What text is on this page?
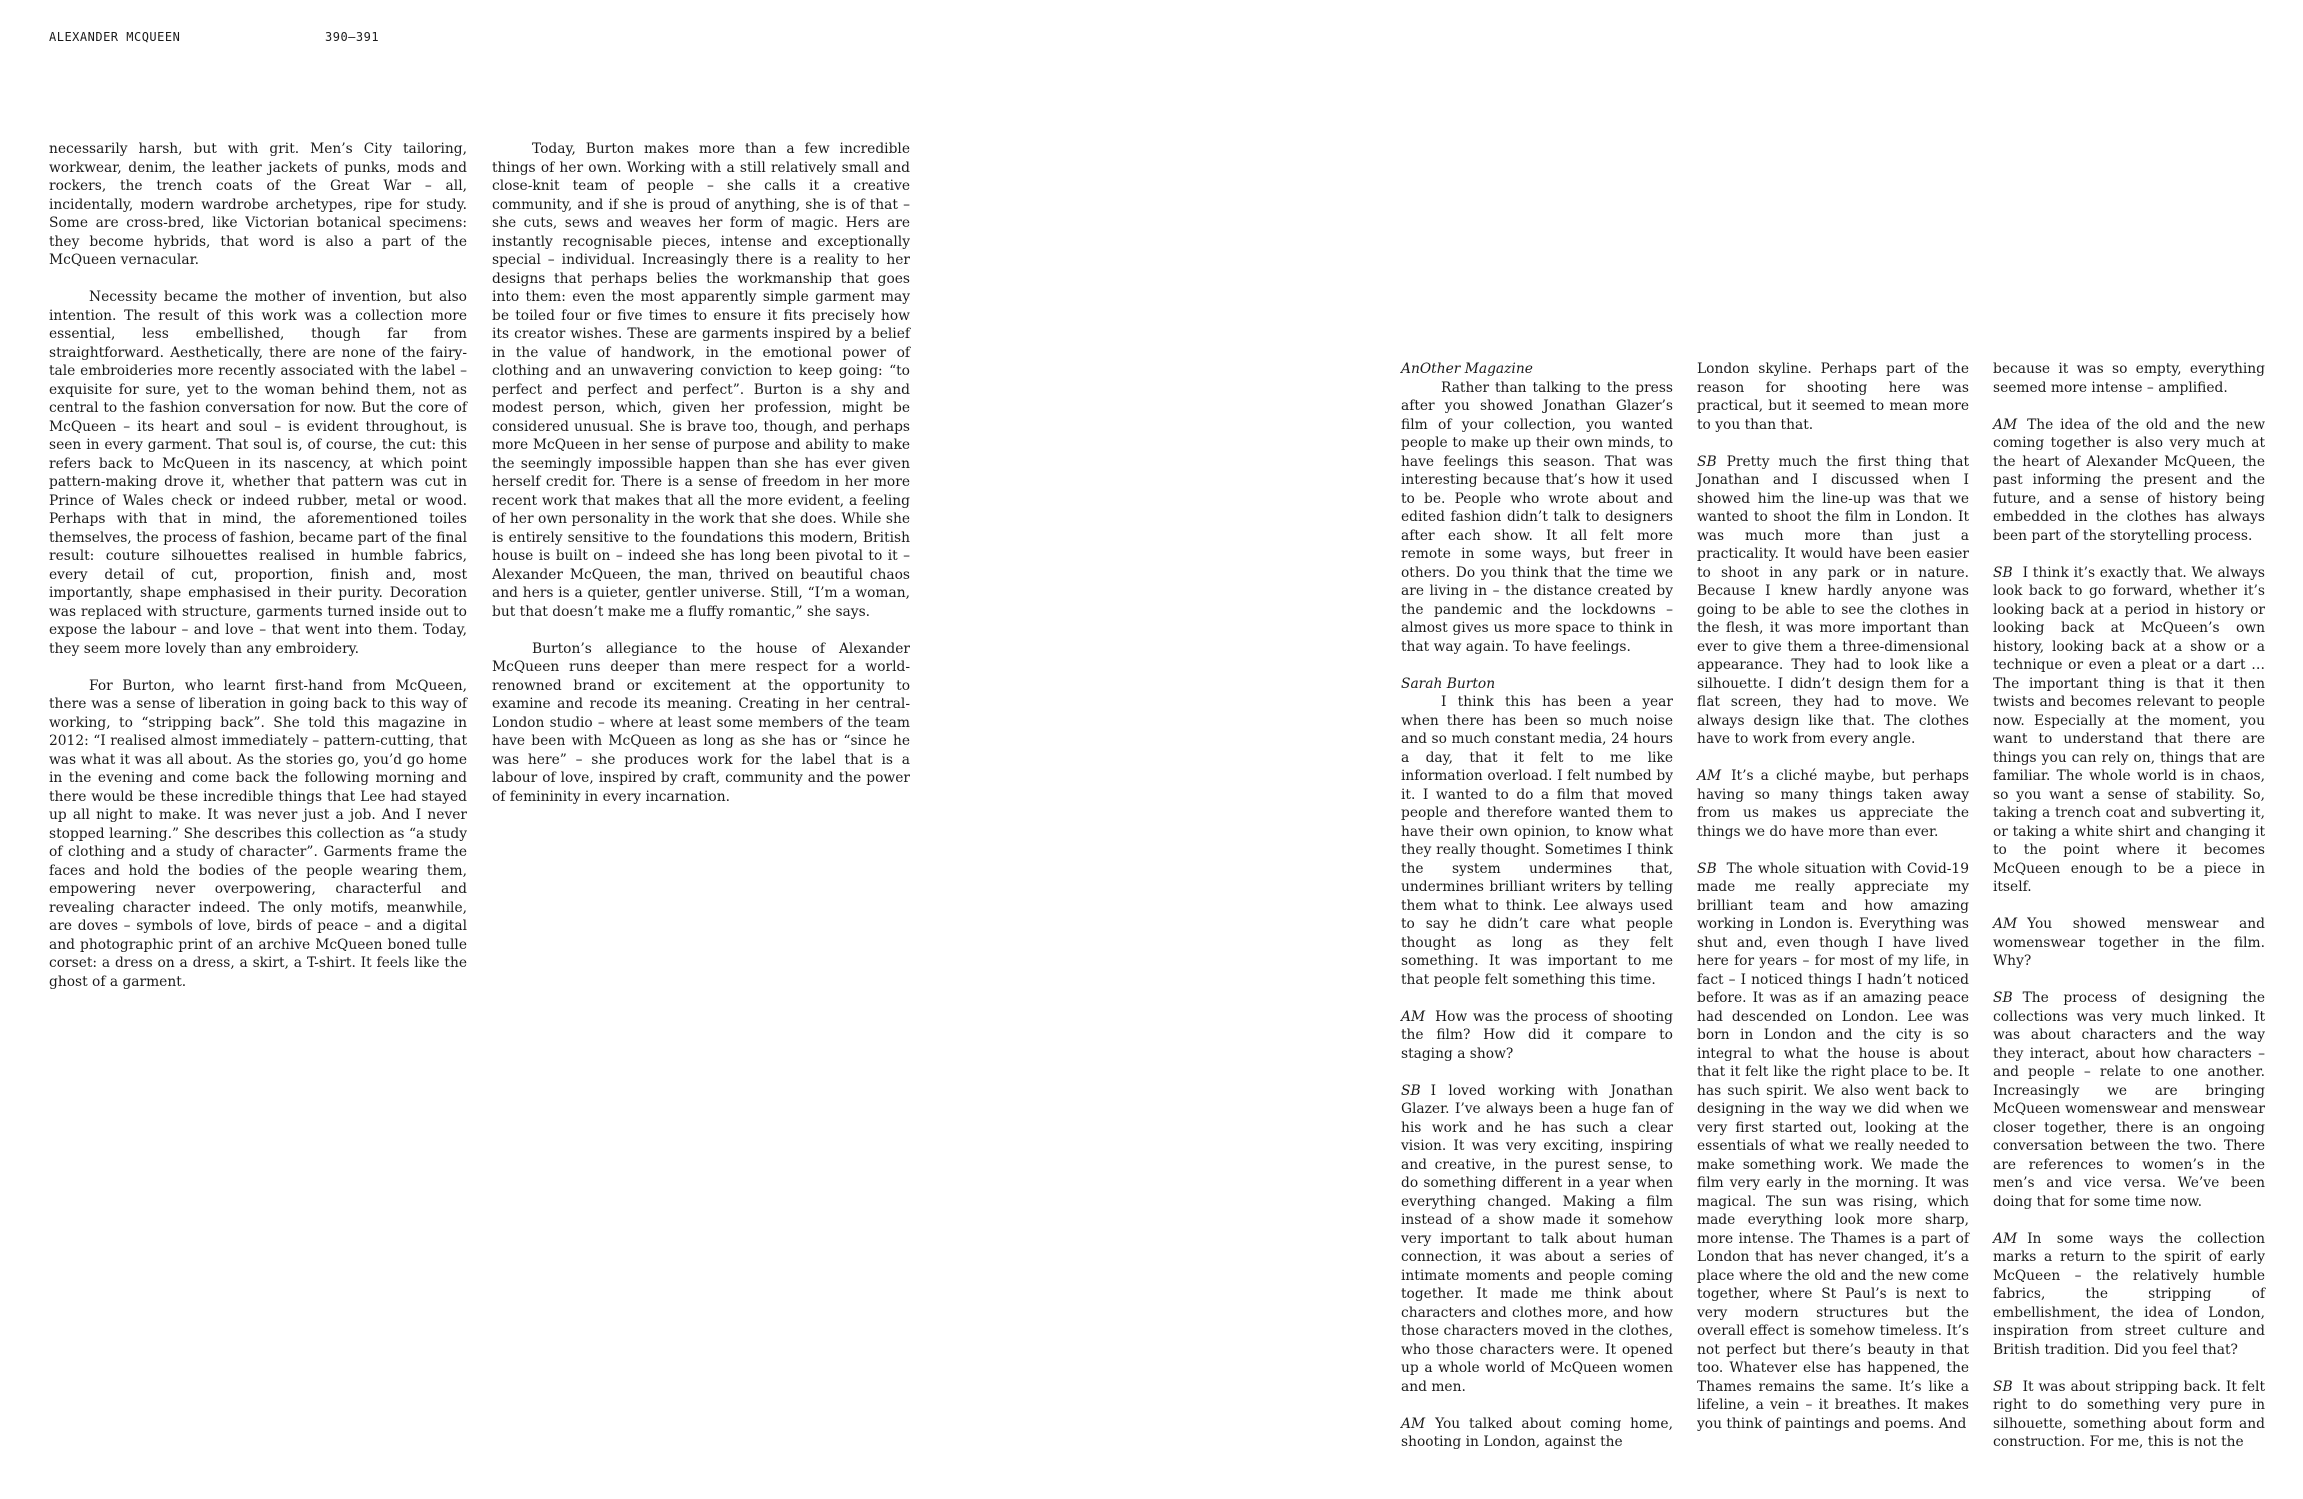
ALEXANDER MCQUEEN	390—391

necessarily harsh, but with grit. Men’s City tailoring, workwear, denim, the leather jackets of punks, mods and rockers, the trench coats of the Great War – all, incidentally, modern wardrobe archetypes, ripe for study. Some are cross-bred, like Victorian botanical specimens: they become hybrids, that word is also a part of the McQueen vernacular.

Necessity became the mother of invention, but also intention. The result of this work was a collection more essential, less embellished, though far from straightforward. Aesthetically, there are none of the fairy-tale embroideries more recently associated with the label – exquisite for sure, yet to the woman behind them, not as central to the fashion conversation for now. But the core of McQueen – its heart and soul – is evident throughout, is seen in every garment. That soul is, of course, the cut: this refers back to McQueen in its nascency, at which point pattern-making drove it, whether that pattern was cut in Prince of Wales check or indeed rubber, metal or wood. Perhaps with that in mind, the aforementioned toiles themselves, the process of fashion, became part of the final result: couture silhouettes realised in humble fabrics, every detail of cut, proportion, finish and, most importantly, shape emphasised in their purity. Decoration was replaced with structure, garments turned inside out to expose the labour – and love – that went into them. Today, they seem more lovely than any embroidery.

For Burton, who learnt first-hand from McQueen, there was a sense of liberation in going back to this way of working, to “stripping back”. She told this magazine in 2012: “I realised almost immediately – pattern-cutting, that was what it was all about. As the stories go, you’d go home in the evening and come back the following morning and there would be these incredible things that Lee had stayed up all night to make. It was never just a job. And I never stopped learning.” She describes this collection as “a study of clothing and a study of character”. Garments frame the faces and hold the bodies of the people wearing them, empowering never overpowering, characterful and revealing character indeed. The only motifs, meanwhile, are doves – symbols of love, birds of peace – and a digital and photographic print of an archive McQueen boned tulle corset: a dress on a dress, a skirt, a T-shirt. It feels like the ghost of a garment.

Today, Burton makes more than a few incredible things of her own. Working with a still relatively small and close-knit team of people – she calls it a creative community, and if she is proud of anything, she is of that – she cuts, sews and weaves her form of magic. Hers are instantly recognisable pieces, intense and exceptionally special – individual. Increasingly there is a reality to her designs that perhaps belies the workmanship that goes into them: even the most apparently simple garment may be toiled four or five times to ensure it fits precisely how its creator wishes. These are garments inspired by a belief in the value of handwork, in the emotional power of clothing and an unwavering conviction to keep going: “to perfect and perfect and perfect”. Burton is a shy and modest person, which, given her profession, might be considered unusual. She is brave too, though, and perhaps more McQueen in her sense of purpose and ability to make the seemingly impossible happen than she has ever given herself credit for. There is a sense of freedom in her more recent work that makes that all the more evident, a feeling of her own personality in the work that she does. While she is entirely sensitive to the foundations this modern, British house is built on – indeed she has long been pivotal to it – Alexander McQueen, the man, thrived on beautiful chaos and hers is a quieter, gentler universe. Still, “I’m a woman, but that doesn’t make me a fluffy romantic,” she says.

Burton’s allegiance to the house of Alexander McQueen runs deeper than mere respect for a world-renowned brand or excitement at the opportunity to examine and recode its meaning. Creating in her central-London studio – where at least some members of the team have been with McQueen as long as she has or “since he was here” – she produces work for the label that is a labour of love, inspired by craft, community and the power of femininity in every incarnation.

AnOther Magazine
Rather than talking to the press after you showed Jonathan Glazer’s film of your collection, you wanted people to make up their own minds, to have feelings this season. That was interesting because that’s how it used to be. People who wrote about and edited fashion didn’t talk to designers after each show. It all felt more remote in some ways, but freer in others. Do you think that the time we are living in – the distance created by the pandemic and the lockdowns – almost gives us more space to think in that way again. To have feelings.

Sarah Burton
I think this has been a year when there has been so much noise and so much constant media, 24 hours a day, that it felt to me like information overload. I felt numbed by it. I wanted to do a film that moved people and therefore wanted them to have their own opinion, to know what they really thought. Sometimes I think the system undermines that, undermines brilliant writers by telling them what to think. Lee always used to say he didn’t care what people thought as long as they felt something. It was important to me that people felt something this time.

AM How was the process of shooting the film? How did it compare to staging a show?

SB I loved working with Jonathan Glazer. I’ve always been a huge fan of his work and he has such a clear vision. It was very exciting, inspiring and creative, in the purest sense, to do something different in a year when everything changed. Making a film instead of a show made it somehow very important to talk about human connection, it was about a series of intimate moments and people coming together. It made me think about characters and clothes more, and how those characters moved in the clothes, who those characters were. It opened up a whole world of McQueen women and men.

AM You talked about coming home, shooting in London, against the

London skyline. Perhaps part of the reason for shooting here was practical, but it seemed to mean more to you than that.

SB Pretty much the first thing that Jonathan and I discussed when I showed him the line-up was that we wanted to shoot the film in London. It was much more than just a practicality. It would have been easier to shoot in any park or in nature. Because I knew hardly anyone was going to be able to see the clothes in the flesh, it was more important than ever to give them a three-dimensional appearance. They had to look like a silhouette. I didn’t design them for a flat screen, they had to move. We always design like that. The clothes have to work from every angle.

AM It’s a cliché maybe, but perhaps having so many things taken away from us makes us appreciate the things we do have more than ever.

SB The whole situation with Covid-19 made me really appreciate my brilliant team and how amazing working in London is. Everything was shut and, even though I have lived here for years – for most of my life, in fact – I noticed things I hadn’t noticed before. It was as if an amazing peace had descended on London. Lee was born in London and the city is so integral to what the house is about that it felt like the right place to be. It has such spirit. We also went back to designing in the way we did when we very first started out, looking at the essentials of what we really needed to make something work. We made the film very early in the morning. It was magical. The sun was rising, which made everything look more sharp, more intense. The Thames is a part of London that has never changed, it’s a place where the old and the new come together, where St Paul’s is next to very modern structures but the overall effect is somehow timeless. It’s not perfect but there’s beauty in that too. Whatever else has happened, the Thames remains the same. It’s like a lifeline, a vein – it breathes. It makes you think of paintings and poems. And

because it was so empty, everything seemed more intense – amplified.

AM The idea of the old and the new coming together is also very much at the heart of Alexander McQueen, the past informing the present and the future, and a sense of history being embedded in the clothes has always been part of the storytelling process.

SB I think it’s exactly that. We always look back to go forward, whether it’s looking back at a period in history or looking back at McQueen’s own history, looking back at a show or a technique or even a pleat or a dart … The important thing is that it then twists and becomes relevant to people now. Especially at the moment, you want to understand that there are things you can rely on, things that are familiar. The whole world is in chaos, so you want a sense of stability. So, taking a trench coat and subverting it, or taking a white shirt and changing it to the point where it becomes McQueen enough to be a piece in itself.

AM You showed menswear and womenswear together in the film. Why?

SB The process of designing the collections was very much linked. It was about characters and the way they interact, about how characters – and people – relate to one another. Increasingly we are bringing McQueen womenswear and menswear closer together, there is an ongoing conversation between the two. There are references to women’s in the men’s and vice versa. We’ve been doing that for some time now.

AM In some ways the collection marks a return to the spirit of early McQueen – the relatively humble fabrics, the stripping of embellishment, the idea of London, inspiration from street culture and British tradition. Did you feel that?

SB It was about stripping back. It felt right to do something very pure in silhouette, something about form and construction. For me, this is not the
